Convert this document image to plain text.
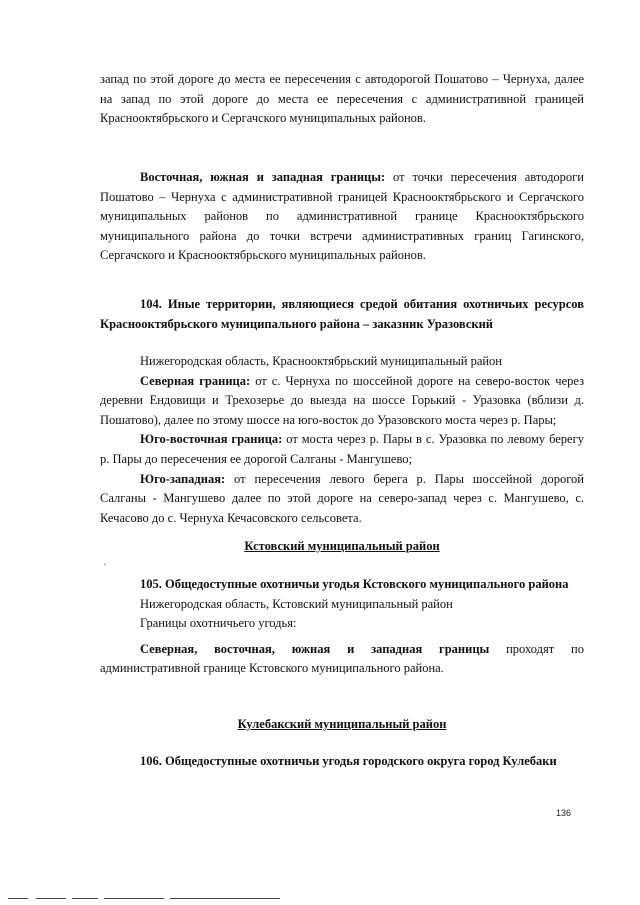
запад по этой дороге до места ее пересечения с автодорогой Пошатово – Чернуха, далее на запад по этой дороге до места ее пересечения с административной границей Краснооктябрьского и Сергачского муниципальных районов.

Восточная, южная и западная границы: от точки пересечения автодороги Пошатово – Чернуха с административной границей Краснооктябрьского и Сергачского муниципальных районов по административной границе Краснооктябрьского муниципального района до точки встречи административных границ Гагинского, Сергачского и Краснооктябрьского муниципальных районов.

104. Иные территории, являющиеся средой обитания охотничьих ресурсов Краснооктябрьского муниципального района – заказник Уразовский

Нижегородская область, Краснооктябрьский муниципальный район

Северная граница: от с. Чернуха по шоссейной дороге на северо-восток через деревни Ендовищи и Трехозерье до выезда на шоссе Горький - Уразовка (вблизи д. Пошатово), далее по этому шоссе на юго-восток до Уразовского моста через р. Пары;

Юго-восточная граница: от моста через р. Пары в с. Уразовка по левому берегу р. Пары до пересечения ее дорогой Салганы - Мангушево;

Юго-западная: от пересечения левого берега р. Пары шоссейной дорогой Салганы - Мангушево далее по этой дороге на северо-запад через с. Мангушево, с. Кечасово до с. Чернуха Кечасовского сельсовета.

Кстовский муниципальный район

105. Общедоступные охотничьи угодья Кстовского муниципального района

Нижегородская область, Кстовский муниципальный район

Границы охотничьего угодья:

Северная, восточная, южная и западная границы проходят по административной границе Кстовского муниципального района.

Кулебакский муниципальный район

106. Общедоступные охотничьи угодья городского округа город Кулебаки

136
